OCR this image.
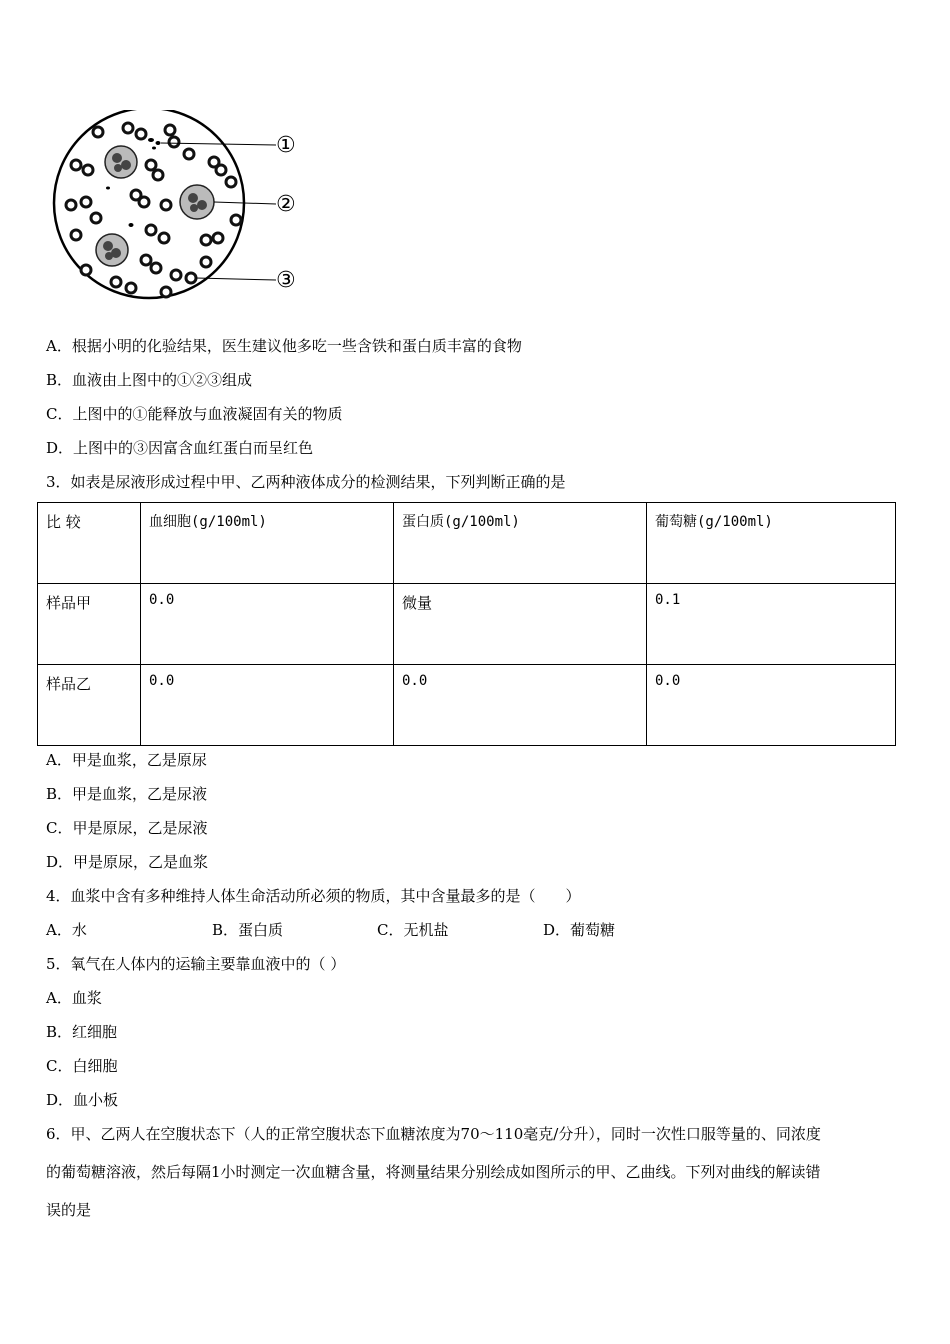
①
②
③
A．根据小明的化验结果，医生建议他多吃一些含铁和蛋白质丰富的食物
B．血液由上图中的①②③组成
C．上图中的①能释放与血液凝固有关的物质
D．上图中的③因富含血红蛋白而呈红色
3．如表是尿液形成过程中甲、乙两种液体成分的检测结果，下列判断正确的是
比 较	血细胞(g/100ml)	蛋白质(g/100ml)	葡萄糖(g/100ml)
样品甲	0.0	微量	0.1
样品乙	0.0	0.0	0.0
A．甲是血浆，乙是原尿
B．甲是血浆，乙是尿液
C．甲是原尿，乙是尿液
D．甲是原尿，乙是血浆
4．血浆中含有多种维持人体生命活动所必须的物质，其中含量最多的是（　　）
A．水	B．蛋白质	C．无机盐	D．葡萄糖
5．氧气在人体内的运输主要靠血液中的（ ）
A．血浆
B．红细胞
C．白细胞
D．血小板
6．甲、乙两人在空腹状态下（人的正常空腹状态下血糖浓度为70～110毫克/分升），同时一次性口服等量的、同浓度
的葡萄糖溶液，然后每隔1小时测定一次血糖含量，将测量结果分别绘成如图所示的甲、乙曲线。下列对曲线的解读错
误的是
